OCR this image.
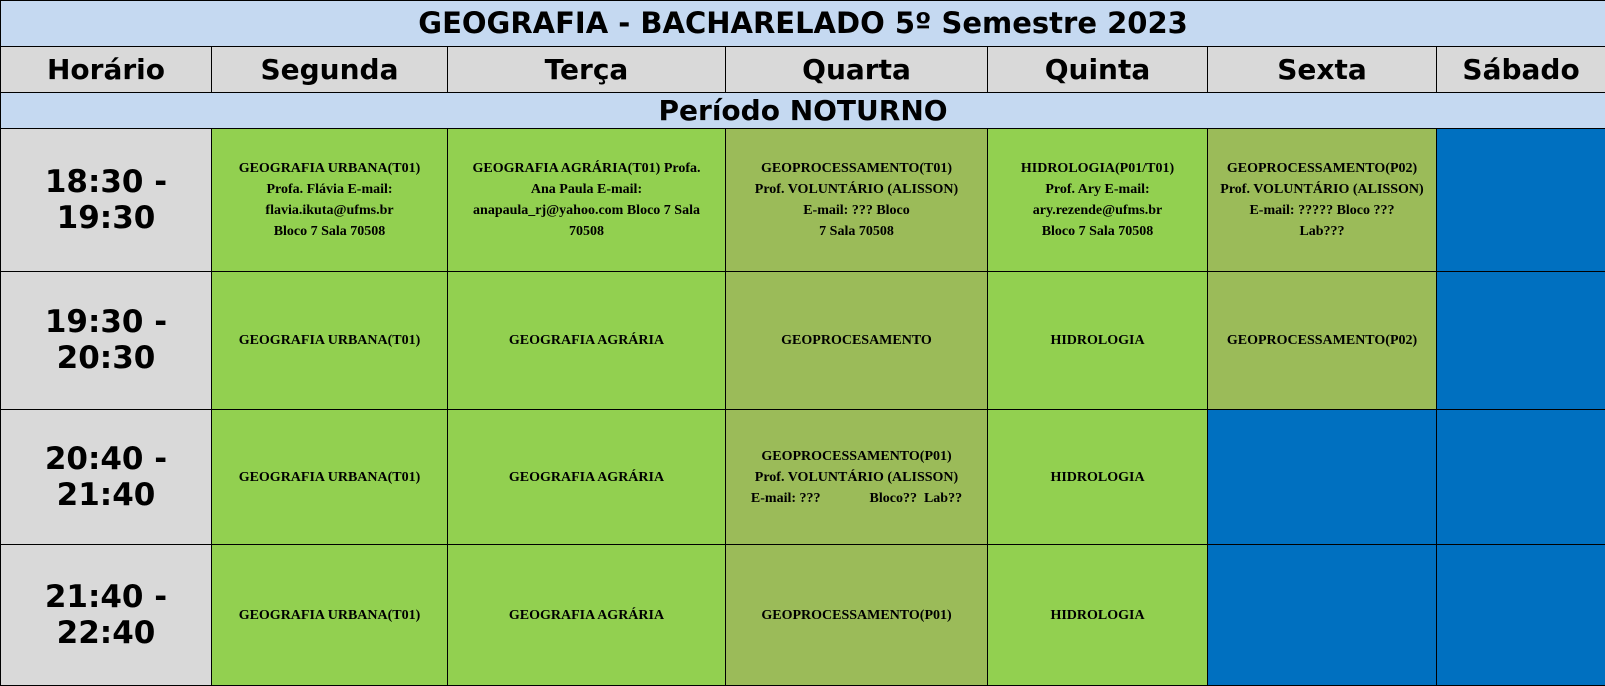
GEOGRAFIA - BACHARELADO 5º Semestre 2023						
Horário	Segunda	Terça	Quarta	Quinta	Sexta	Sábado
Período NOTURNO						
18:30 - 19:30	GEOGRAFIA URBANA(T01)
Profa. Flávia E-mail:
flavia.ikuta@ufms.br
Bloco 7 Sala 70508	GEOGRAFIA AGRÁRIA(T01) Profa.
Ana Paula E-mail:
anapaula_rj@yahoo.com Bloco 7 Sala
70508	GEOPROCESSAMENTO(T01)
Prof. VOLUNTÁRIO (ALISSON)
E-mail: ??? Bloco
7 Sala 70508	HIDROLOGIA(P01/T01)
Prof. Ary E-mail:
ary.rezende@ufms.br
Bloco 7 Sala 70508	GEOPROCESSAMENTO(P02)
Prof. VOLUNTÁRIO (ALISSON)
E-mail: ????? Bloco ???
Lab???	

19:30 - 20:30	GEOGRAFIA URBANA(T01)	GEOGRAFIA AGRÁRIA	GEOPROCESAMENTO	HIDROLOGIA	GEOPROCESSAMENTO(P02)	
20:40 - 21:40	GEOGRAFIA URBANA(T01)	GEOGRAFIA AGRÁRIA	GEOPROCESSAMENTO(P01)
Prof. VOLUNTÁRIO (ALISSON)
E-mail: ???              Bloco??  Lab??	HIDROLOGIA		
21:40 - 22:40	GEOGRAFIA URBANA(T01)	GEOGRAFIA AGRÁRIA	GEOPROCESSAMENTO(P01)	HIDROLOGIA		
